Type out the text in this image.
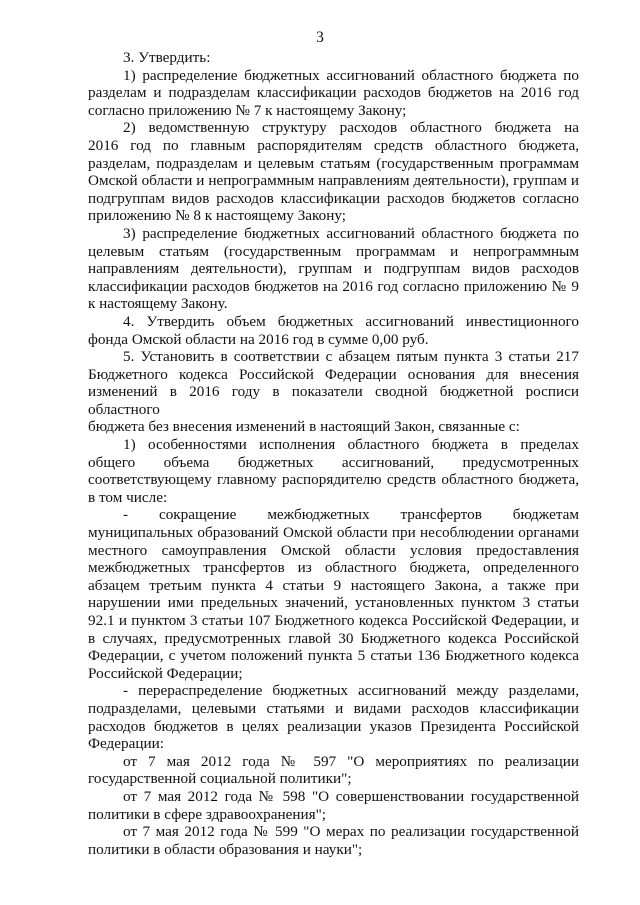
3
3. Утвердить:
1) распределение бюджетных ассигнований областного бюджета по
разделам и подразделам классификации расходов бюджетов на 2016 год
согласно приложению № 7 к настоящему Закону;
2) ведомственную структуру расходов областного бюджета на
2016 год по главным распорядителям средств областного бюджета,
разделам, подразделам и целевым статьям (государственным программам
Омской области и непрограммным направлениям деятельности), группам и
подгруппам видов расходов классификации расходов бюджетов согласно
приложению № 8 к настоящему Закону;
3) распределение бюджетных ассигнований областного бюджета по
целевым статьям (государственным программам и непрограммным
направлениям деятельности), группам и подгруппам видов расходов
классификации расходов бюджетов на 2016 год согласно приложению № 9
к настоящему Закону.
4. Утвердить объем бюджетных ассигнований инвестиционного
фонда Омской области на 2016 год в сумме 0,00 руб.
5. Установить в соответствии с абзацем пятым пункта 3 статьи 217
Бюджетного кодекса Российской Федерации основания для внесения
изменений в 2016 году в показатели сводной бюджетной росписи областного
бюджета без внесения изменений в настоящий Закон, связанные с:
1) особенностями исполнения областного бюджета в пределах
общего объема бюджетных ассигнований, предусмотренных
соответствующему главному распорядителю средств областного бюджета,
в том числе:
- сокращение межбюджетных трансфертов бюджетам
муниципальных образований Омской области при несоблюдении органами
местного самоуправления Омской области условия предоставления
межбюджетных трансфертов из областного бюджета, определенного
абзацем третьим пункта 4 статьи 9 настоящего Закона, а также при
нарушении ими предельных значений, установленных пунктом 3 статьи
92.1 и пунктом 3 статьи 107 Бюджетного кодекса Российской Федерации, и
в случаях, предусмотренных главой 30 Бюджетного кодекса Российской
Федерации, с учетом положений пункта 5 статьи 136 Бюджетного кодекса
Российской Федерации;
- перераспределение бюджетных ассигнований между разделами,
подразделами, целевыми статьями и видами расходов классификации
расходов бюджетов в целях реализации указов Президента Российской
Федерации:
от 7 мая 2012 года № 597 "О мероприятиях по реализации
государственной социальной политики";
от 7 мая 2012 года № 598 "О совершенствовании государственной
политики в сфере здравоохранения";
от 7 мая 2012 года № 599 "О мерах по реализации государственной
политики в области образования и науки";
